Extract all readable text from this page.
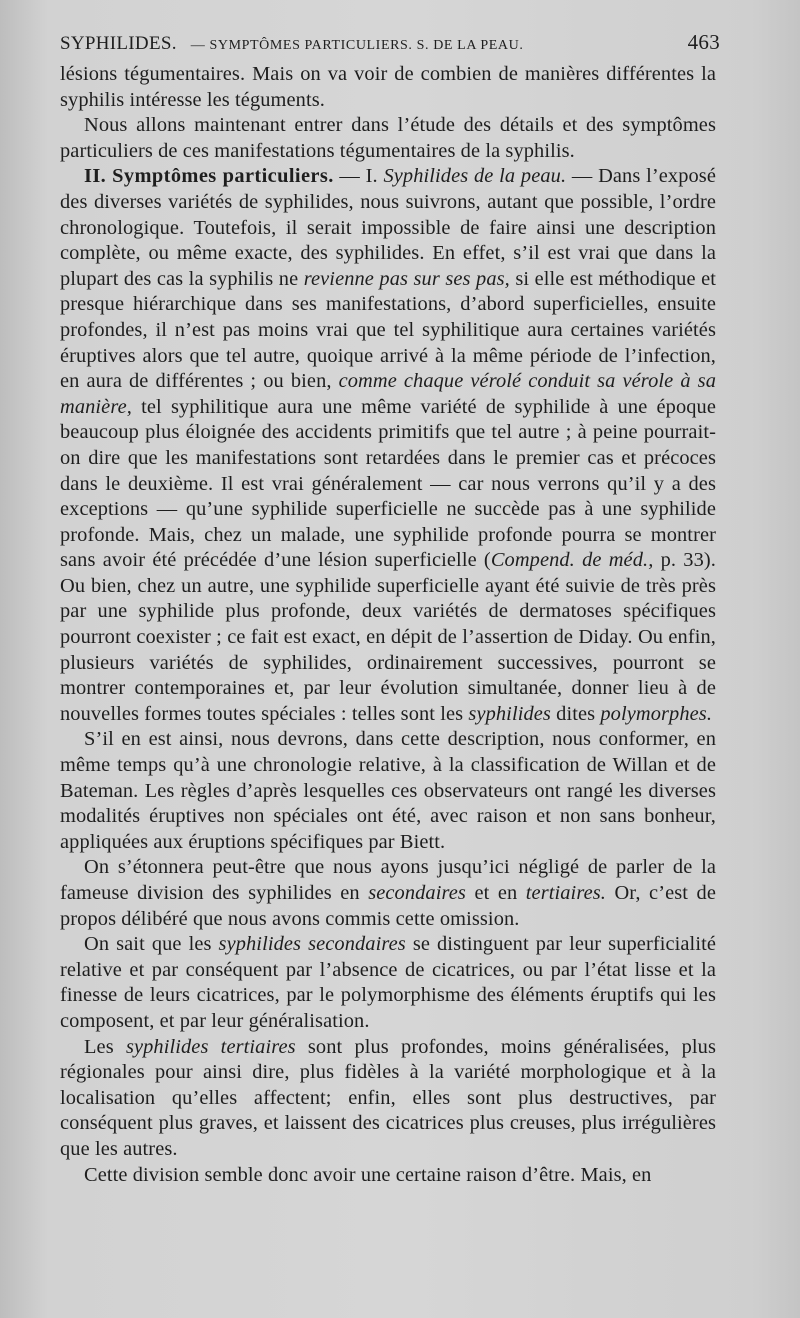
SYPHILIDES. — SYMPTÔMES PARTICULIERS. S. DE LA PEAU.	463

lésions tégumentaires. Mais on va voir de combien de manières différentes la syphilis intéresse les téguments.

Nous allons maintenant entrer dans l’étude des détails et des symptômes particuliers de ces manifestations tégumentaires de la syphilis.

II. Symptômes particuliers. — I. Syphilides de la peau. — Dans l’exposé des diverses variétés de syphilides, nous suivrons, autant que possible, l’ordre chronologique. Toutefois, il serait impossible de faire ainsi une description complète, ou même exacte, des syphilides. En effet, s’il est vrai que dans la plupart des cas la syphilis ne revienne pas sur ses pas, si elle est méthodique et presque hiérarchique dans ses manifestations, d’abord superficielles, ensuite profondes, il n’est pas moins vrai que tel syphilitique aura certaines variétés éruptives alors que tel autre, quoique arrivé à la même période de l’infection, en aura de différentes ; ou bien, comme chaque vérolé conduit sa vérole à sa manière, tel syphilitique aura une même variété de syphilide à une époque beaucoup plus éloignée des accidents primitifs que tel autre ; à peine pourrait-on dire que les manifestations sont retardées dans le premier cas et précoces dans le deuxième. Il est vrai généralement — car nous verrons qu’il y a des exceptions — qu’une syphilide superficielle ne succède pas à une syphilide profonde. Mais, chez un malade, une syphilide profonde pourra se montrer sans avoir été précédée d’une lésion superficielle (Compend. de méd., p. 33). Ou bien, chez un autre, une syphilide superficielle ayant été suivie de très près par une syphilide plus profonde, deux variétés de dermatoses spécifiques pourront coexister ; ce fait est exact, en dépit de l’assertion de Diday. Ou enfin, plusieurs variétés de syphilides, ordinairement successives, pourront se montrer contemporaines et, par leur évolution simultanée, donner lieu à de nouvelles formes toutes spéciales : telles sont les syphilides dites polymorphes.

S’il en est ainsi, nous devrons, dans cette description, nous conformer, en même temps qu’à une chronologie relative, à la classification de Willan et de Bateman. Les règles d’après lesquelles ces observateurs ont rangé les diverses modalités éruptives non spéciales ont été, avec raison et non sans bonheur, appliquées aux éruptions spécifiques par Biett.

On s’étonnera peut-être que nous ayons jusqu’ici négligé de parler de la fameuse division des syphilides en secondaires et en tertiaires. Or, c’est de propos délibéré que nous avons commis cette omission.

On sait que les syphilides secondaires se distinguent par leur superficialité relative et par conséquent par l’absence de cicatrices, ou par l’état lisse et la finesse de leurs cicatrices, par le polymorphisme des éléments éruptifs qui les composent, et par leur généralisation.

Les syphilides tertiaires sont plus profondes, moins généralisées, plus régionales pour ainsi dire, plus fidèles à la variété morphologique et à la localisation qu’elles affectent; enfin, elles sont plus destructives, par conséquent plus graves, et laissent des cicatrices plus creuses, plus irrégulières que les autres.

Cette division semble donc avoir une certaine raison d’être. Mais, en
